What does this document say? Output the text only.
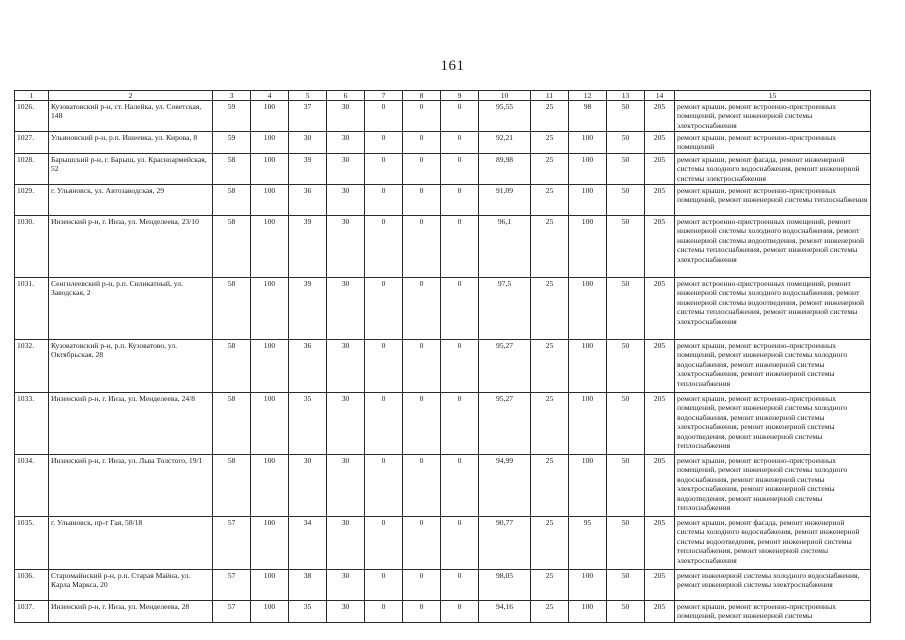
161
1	2	3	4	5	6	7	8	9	10	11	12	13	14	15
1026.	Кузоватовский р-н, ст. Налейка, ул. Советская, 148	59	100	37	30	0	0	0	95,55	25	98	50	205	ремонт крыши, ремонт встроенно-пристроенных помещений, ремонт инженерной системы электроснабжения
1027.	Ульяновский р-н, р.п. Ишеевка, ул. Кирова, 8	59	100	30	30	0	0	0	92,21	25	100	50	205	ремонт крыши, ремонт встроенно-пристроенных помещений
1028.	Барышский р-н, г. Барыш, ул. Красноармейская, 52	58	100	39	30	0	0	0	89,98	25	100	50	205	ремонт крыши, ремонт фасада, ремонт инженерной системы холодного водоснабжения, ремонт инженерной системы электроснабжения
1029.	г. Ульяновск, ул. Автозаводская, 29	58	100	36	30	0	0	0	91,09	25	100	50	205	ремонт крыши, ремонт встроенно-пристроенных помещений, ремонт инженерной системы теплоснабжения
1030.	Инзенский р-н, г. Инза, ул. Менделеева, 23/10	58	100	39	30	0	0	0	96,1	25	100	50	205	ремонт встроенно-пристроенных помещений, ремонт инженерной системы холодного водоснабжения, ремонт инженерной системы водоотведения, ремонт инженерной системы теплоснабжения, ремонт инженерной системы электроснабжения
1031.	Сенгилеевский р-н, р.п. Силикатный, ул. Заводская, 2	58	100	39	30	0	0	0	97,5	25	100	50	205	ремонт встроенно-пристроенных помещений, ремонт инженерной системы холодного водоснабжения, ремонт инженерной системы водоотведения, ремонт инженерной системы теплоснабжения, ремонт инженерной системы электроснабжения
1032.	Кузоватовский р-н, р.п. Кузоватово, ул. Октябрьская, 28	58	100	36	30	0	0	0	95,27	25	100	50	205	ремонт крыши, ремонт встроенно-пристроенных помещений, ремонт инженерной системы холодного водоснабжения, ремонт инженерной системы электроснабжения, ремонт инженерной системы теплоснабжения
1033.	Инзенский р-н, г. Инза, ул. Менделеева, 24/8	58	100	35	30	0	0	0	95,27	25	100	50	205	ремонт крыши, ремонт встроенно-пристроенных помещений, ремонт инженерной системы холодного водоснабжения, ремонт инженерной системы электроснабжения, ремонт инженерной системы водоотведения, ремонт инженерной системы теплоснабжения
1034.	Инзенский р-н, г. Инза, ул. Льва Толстого, 19/1	58	100	30	30	0	0	0	94,99	25	100	50	205	ремонт крыши, ремонт встроенно-пристроенных помещений, ремонт инженерной системы холодного водоснабжения, ремонт инженерной системы электроснабжения, ремонт инженерной системы водоотведения, ремонт инженерной системы теплоснабжения
1035.	г. Ульяновск, пр-т Гая, 58/18	57	100	34	30	0	0	0	90,77	25	95	50	205	ремонт крыши, ремонт фасада, ремонт инженерной системы холодного водоснабжения, ремонт инженерной системы водоотведения, ремонт инженерной системы теплоснабжения, ремонт инженерной системы электроснабжения
1036.	Старомайнский р-н, р.п. Старая Майна, ул. Карла Маркса, 20	57	100	38	30	0	0	0	98,05	25	100	50	205	ремонт инженерной системы холодного водоснабжения, ремонт инженерной системы электроснабжения
1037.	Инзенский р-н, г. Инза, ул. Менделеева, 28	57	100	35	30	0	0	0	94,16	25	100	50	205	ремонт крыши, ремонт встроенно-пристроенных помещений, ремонт инженерной системы
